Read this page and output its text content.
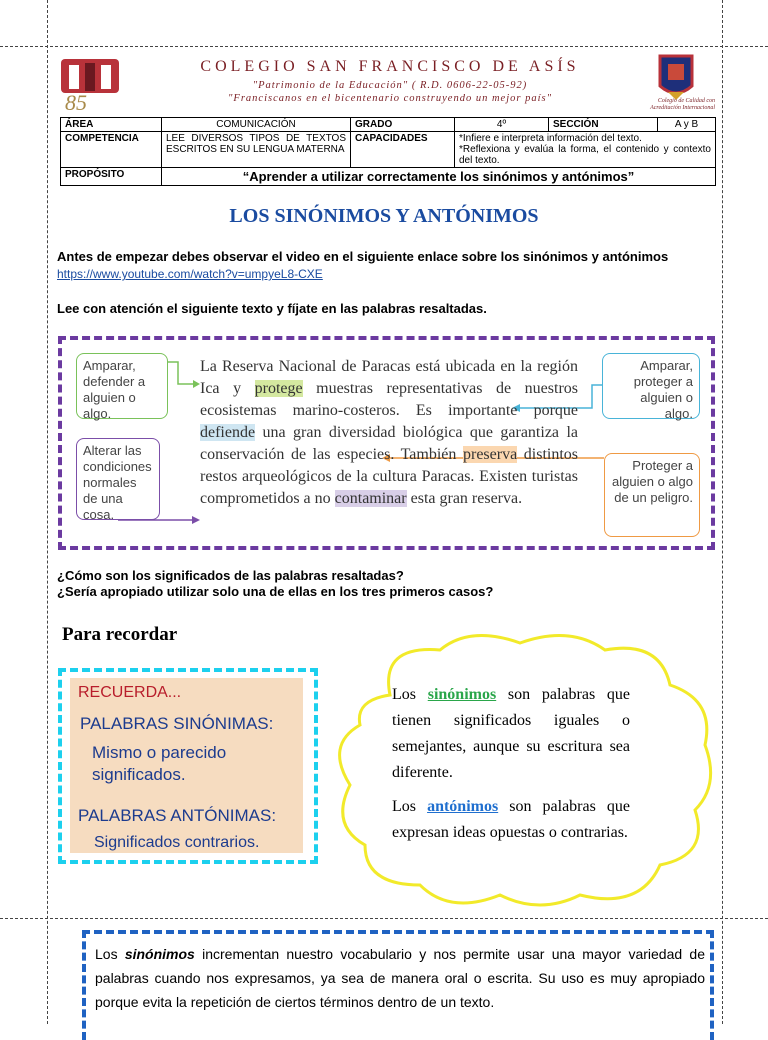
85
COLEGIO SAN FRANCISCO DE ASÍS
"Patrimonio de la Educación" ( R.D. 0606-22-05-92)
"Franciscanos en el bicentenario construyendo un mejor país"	Colegio de Calidad con Acreditación Internacional
ÁREA	COMUNICACIÓN	GRADO	4º	SECCIÓN	A y B
COMPETENCIA	LEE DIVERSOS TIPOS DE TEXTOS ESCRITOS EN SU LENGUA MATERNA	CAPACIDADES	*Infiere e interpreta información del texto.
*Reflexiona y evalúa la forma, el contenido y contexto del texto.		

PROPÓSITO	“Aprender a utilizar correctamente los sinónimos y antónimos”				
LOS SINÓNIMOS Y ANTÓNIMOS
Antes de empezar debes observar el video en el siguiente enlace sobre los sinónimos y antónimos https://www.youtube.com/watch?v=umpyeL8-CXE
Lee con atención el siguiente texto y fíjate en las palabras resaltadas.
Amparar, defender a alguien o algo.
Alterar las condiciones normales de una cosa.
Amparar, proteger a alguien o algo.
Proteger a alguien o algo de un peligro.
La Reserva Nacional de Paracas está ubicada en la región Ica y protege muestras representativas de nuestros ecosistemas marino-costeros. Es importante porque defiende una gran diversidad biológica que garantiza la conservación de las especies. También preserva distintos restos arqueológicos de la cultura Paracas. Existen turistas comprometidos a no contaminar esta gran reserva.
¿Cómo son los significados de las palabras resaltadas?
¿Sería apropiado utilizar solo una de ellas en los tres primeros casos?
Para recordar
RECUERDA...
PALABRAS SINÓNIMAS:
Mismo o parecido significados.
PALABRAS ANTÓNIMAS:
Significados contrarios.
Los sinónimos son palabras que tienen significados iguales o semejantes, aunque su escritura sea diferente.
Los antónimos son palabras que expresan ideas opuestas o contrarias.
Los sinónimos incrementan nuestro vocabulario y nos permite usar una mayor variedad de palabras cuando nos expresamos, ya sea de manera oral o escrita. Su uso es muy apropiado porque evita la repetición de ciertos términos dentro de un texto.
